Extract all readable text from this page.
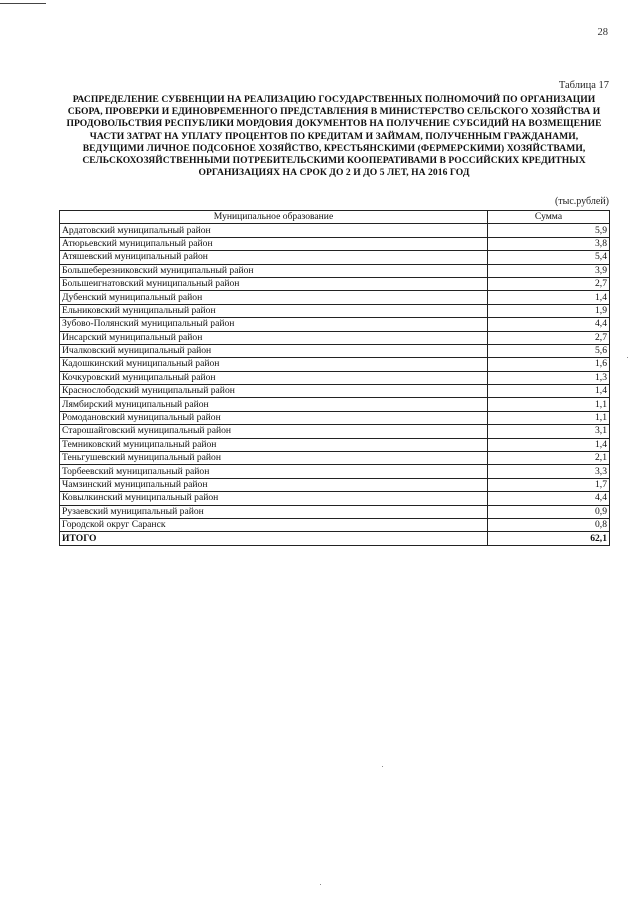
28
Таблица 17
РАСПРЕДЕЛЕНИЕ СУБВЕНЦИИ НА РЕАЛИЗАЦИЮ ГОСУДАРСТВЕННЫХ ПОЛНОМОЧИЙ ПО ОРГАНИЗАЦИИ СБОРА, ПРОВЕРКИ И ЕДИНОВРЕМЕННОГО ПРЕДСТАВЛЕНИЯ В МИНИСТЕРСТВО СЕЛЬСКОГО ХОЗЯЙСТВА И ПРОДОВОЛЬСТВИЯ РЕСПУБЛИКИ МОРДОВИЯ ДОКУМЕНТОВ НА ПОЛУЧЕНИЕ СУБСИДИЙ НА ВОЗМЕЩЕНИЕ ЧАСТИ ЗАТРАТ НА УПЛАТУ ПРОЦЕНТОВ ПО КРЕДИТАМ И ЗАЙМАМ, ПОЛУЧЕННЫМ ГРАЖДАНАМИ, ВЕДУЩИМИ ЛИЧНОЕ ПОДСОБНОЕ ХОЗЯЙСТВО, КРЕСТЬЯНСКИМИ (ФЕРМЕРСКИМИ) ХОЗЯЙСТВАМИ, СЕЛЬСКОХОЗЯЙСТВЕННЫМИ ПОТРЕБИТЕЛЬСКИМИ КООПЕРАТИВАМИ В РОССИЙСКИХ КРЕДИТНЫХ ОРГАНИЗАЦИЯХ НА СРОК ДО 2 И ДО 5 ЛЕТ, НА 2016 ГОД
(тыс.рублей)
Муниципальное образование	Сумма
Ардатовский муниципальный район	5,9
Атюрьевский муниципальный район	3,8
Атяшевский муниципальный район	5,4
Большеберезниковский муниципальный район	3,9
Большеигнатовский муниципальный район	2,7
Дубенский муниципальный район	1,4
Ельниковский муниципальный район	1,9
Зубово-Полянский муниципальный район	4,4
Инсарский муниципальный район	2,7
Ичалковский муниципальный район	5,6
Кадошкинский муниципальный район	1,6
Кочкуровский муниципальный район	1,3
Краснослободский муниципальный район	1,4
Лямбирский муниципальный район	1,1
Ромодановский муниципальный район	1,1
Старошайговский муниципальный район	3,1
Темниковский муниципальный район	1,4
Теньгушевский муниципальный район	2,1
Торбеевский муниципальный район	3,3
Чамзинский муниципальный район	1,7
Ковылкинский муниципальный район	4,4
Рузаевский муниципальный район	0,9
Городской округ Саранск	0,8
ИТОГО	62,1
